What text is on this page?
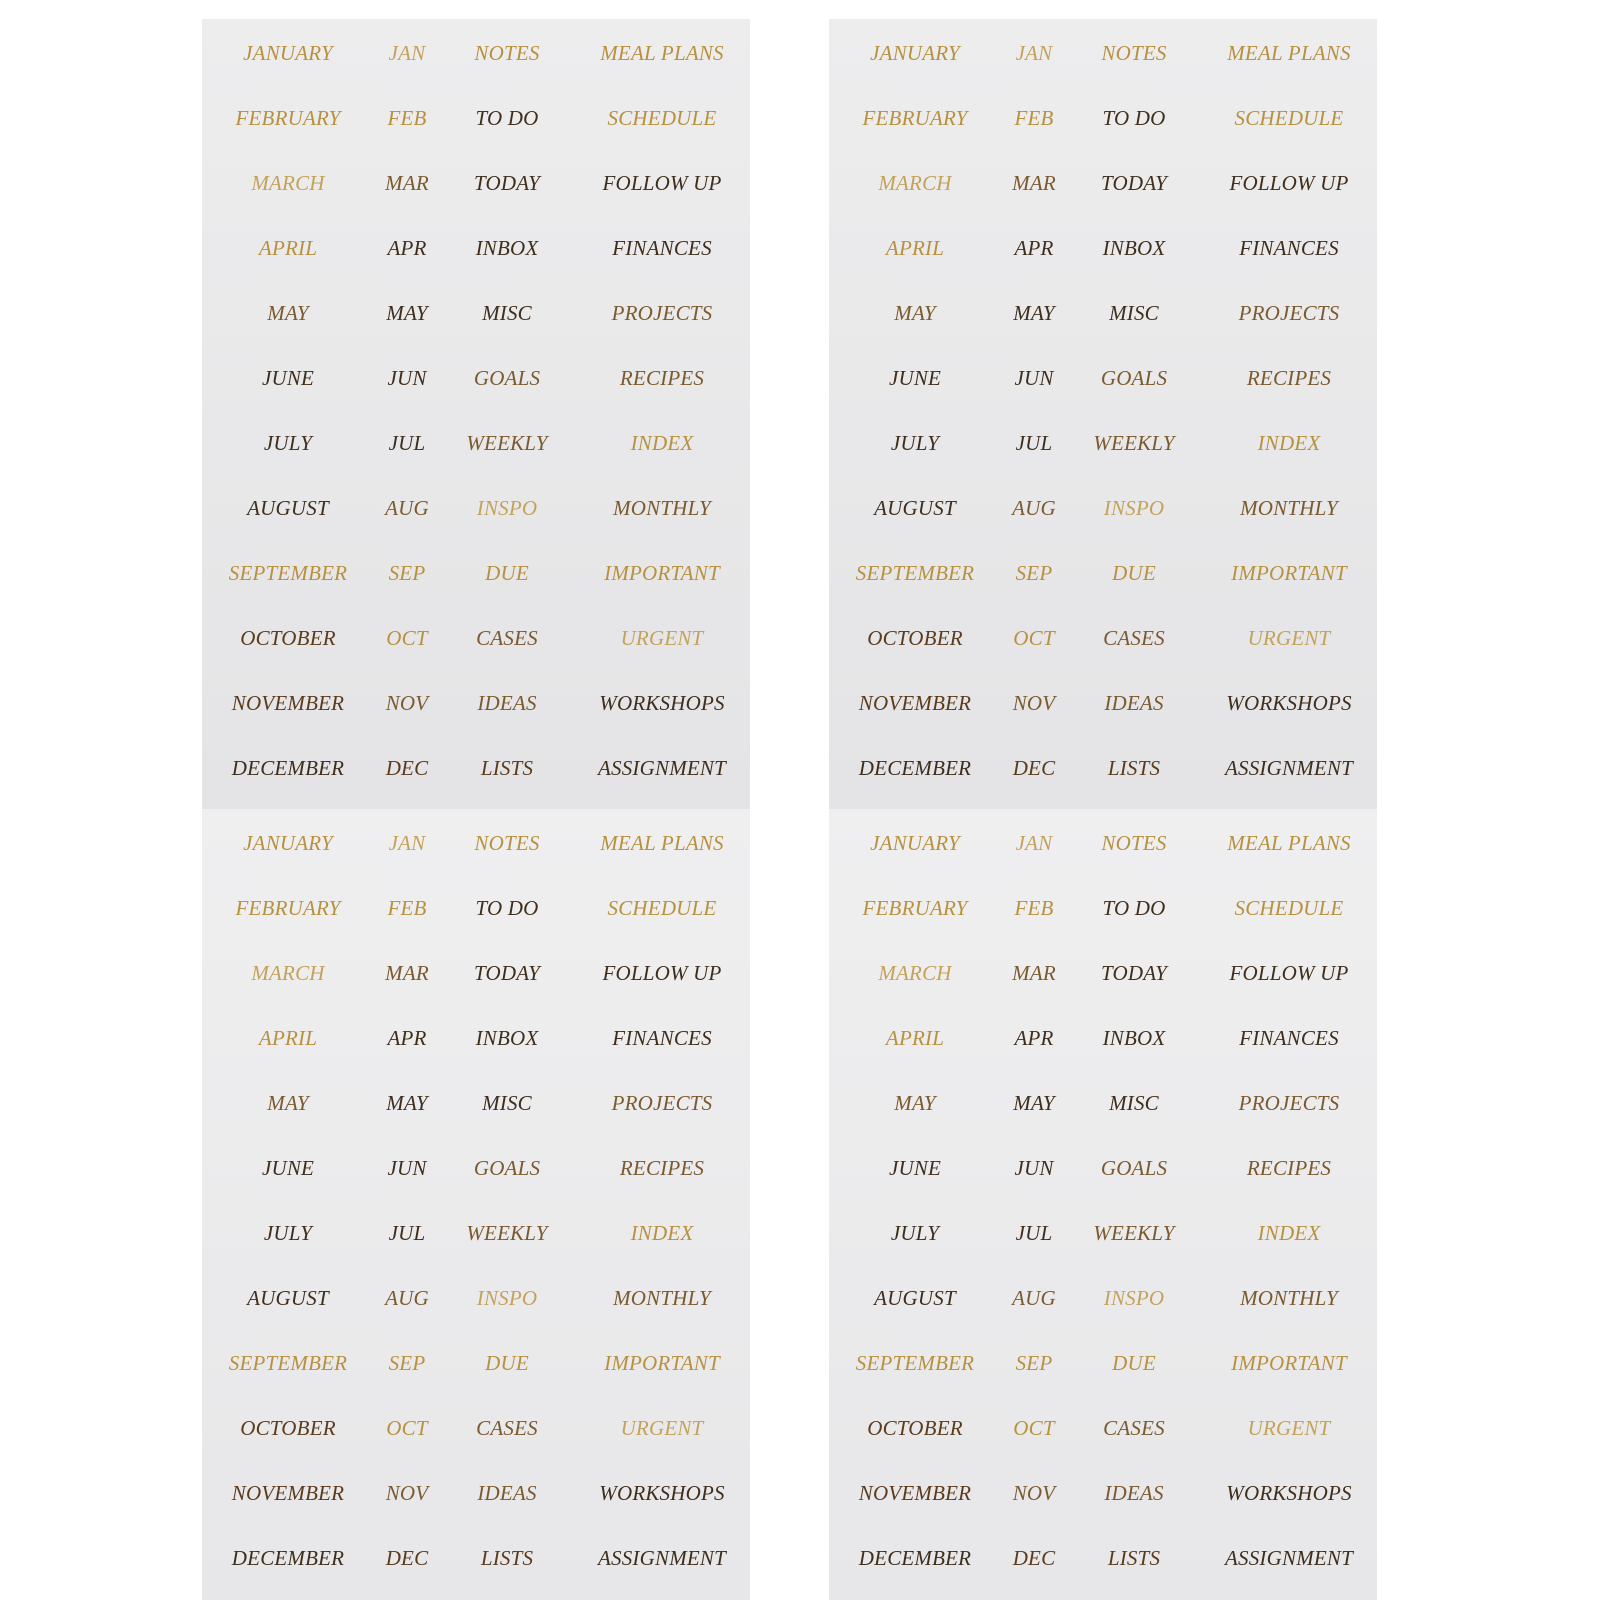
JANUARY	JAN	NOTES	MEAL PLANS
FEBRUARY	FEB	TO DO	SCHEDULE
MARCH	MAR	TODAY	FOLLOW UP
APRIL	APR	INBOX	FINANCES
MAY	MAY	MISC	PROJECTS
JUNE	JUN	GOALS	RECIPES
JULY	JUL	WEEKLY	INDEX
AUGUST	AUG	INSPO	MONTHLY
SEPTEMBER	SEP	DUE	IMPORTANT
OCTOBER	OCT	CASES	URGENT
NOVEMBER	NOV	IDEAS	WORKSHOPS
DECEMBER	DEC	LISTS	ASSIGNMENT
JANUARY	JAN	NOTES	MEAL PLANS
FEBRUARY	FEB	TO DO	SCHEDULE
MARCH	MAR	TODAY	FOLLOW UP
APRIL	APR	INBOX	FINANCES
MAY	MAY	MISC	PROJECTS
JUNE	JUN	GOALS	RECIPES
JULY	JUL	WEEKLY	INDEX
AUGUST	AUG	INSPO	MONTHLY
SEPTEMBER	SEP	DUE	IMPORTANT
OCTOBER	OCT	CASES	URGENT
NOVEMBER	NOV	IDEAS	WORKSHOPS
DECEMBER	DEC	LISTS	ASSIGNMENT
JANUARY	JAN	NOTES	MEAL PLANS
FEBRUARY	FEB	TO DO	SCHEDULE
MARCH	MAR	TODAY	FOLLOW UP
APRIL	APR	INBOX	FINANCES
MAY	MAY	MISC	PROJECTS
JUNE	JUN	GOALS	RECIPES
JULY	JUL	WEEKLY	INDEX
AUGUST	AUG	INSPO	MONTHLY
SEPTEMBER	SEP	DUE	IMPORTANT
OCTOBER	OCT	CASES	URGENT
NOVEMBER	NOV	IDEAS	WORKSHOPS
DECEMBER	DEC	LISTS	ASSIGNMENT
JANUARY	JAN	NOTES	MEAL PLANS
FEBRUARY	FEB	TO DO	SCHEDULE
MARCH	MAR	TODAY	FOLLOW UP
APRIL	APR	INBOX	FINANCES
MAY	MAY	MISC	PROJECTS
JUNE	JUN	GOALS	RECIPES
JULY	JUL	WEEKLY	INDEX
AUGUST	AUG	INSPO	MONTHLY
SEPTEMBER	SEP	DUE	IMPORTANT
OCTOBER	OCT	CASES	URGENT
NOVEMBER	NOV	IDEAS	WORKSHOPS
DECEMBER	DEC	LISTS	ASSIGNMENT
